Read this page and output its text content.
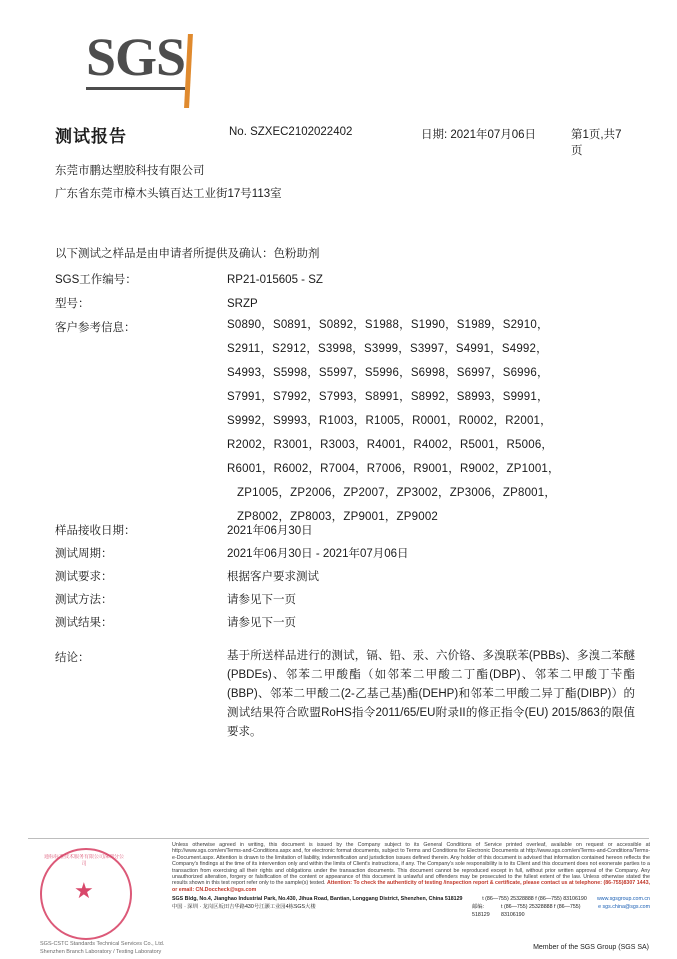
SGS
测试报告	No. SZXEC2102022402	日期: 2021年07月06日	第1页,共7页
东莞市鹏达塑胶科技有限公司
广东省东莞市樟木头镇百达工业街17号113室
以下测试之样品是由申请者所提供及确认：色粉助剂
SGS工作编号：	RP21-015605 - SZ
型号：	SRZP
客户参考信息：	S0890，S0891，S0892，S1988，S1990，S1989，S2910，
S2911，S2912，S3998，S3999，S3997，S4991，S4992，
S4993，S5998，S5997，S5996，S6998，S6997，S6996，
S7991，S7992，S7993，S8991，S8992，S8993，S9991，
S9992，S9993，R1003，R1005，R0001，R0002，R2001，
R2002，R3001，R3003，R4001，R4002，R5001，R5006，
R6001，R6002，R7004，R7006，R9001，R9002，ZP1001，
ZP1005，ZP2006，ZP2007，ZP3002，ZP3006，ZP8001，
ZP8002，ZP8003，ZP9001，ZP9002
样品接收日期：	2021年06月30日
测试周期：	2021年06月30日 - 2021年07月06日
测试要求：	根据客户要求测试
测试方法：	请参见下一页
测试结果：	请参见下一页
结论：	基于所送样品进行的测试，镉、铅、汞、六价铬、多溴联苯(PBBs)、多溴二苯醚(PBDEs)、邻苯二甲酸酯（如邻苯二甲酸二丁酯(DBP)、邻苯二甲酸丁苄酯(BBP)、邻苯二甲酸二(2-乙基己基)酯(DEHP)和邻苯二甲酸二异丁酯(DIBP)）的测试结果符合欧盟RoHS指令2011/65/EU附录II的修正指令(EU) 2015/863的限值要求。
通标标准技术服务有限公司深圳分公司
★
SGS-CSTC Standards Technical Services Co., Ltd.
Shenzhen Branch Laboratory / Testing Laboratory
Unless otherwise agreed in writing, this document is issued by the Company subject to its General Conditions of Service printed overleaf, available on request or accessible at http://www.sgs.com/en/Terms-and-Conditions.aspx and, for electronic format documents, subject to Terms and Conditions for Electronic Documents at http://www.sgs.com/en/Terms-and-Conditions/Terms-e-Document.aspx. Attention is drawn to the limitation of liability, indemnification and jurisdiction issues defined therein. Any holder of this document is advised that information contained hereon reflects the Company's findings at the time of its intervention only and within the limits of Client's instructions, if any. The Company's sole responsibility is to its Client and this document does not exonerate parties to a transaction from exercising all their rights and obligations under the transaction documents. This document cannot be reproduced except in full, without prior written approval of the Company. Any unauthorized alteration, forgery or falsification of the content or appearance of this document is unlawful and offenders may be prosecuted to the fullest extent of the law. Unless otherwise stated the results shown in this test report refer only to the sample(s) tested. Attention: To check the authenticity of testing /inspection report & certificate, please contact us at telephone: (86-755)8307 1443, or email: CN.Doccheck@sgs.com
SGS Bldg, No.4, Jianghao Industrial Park, No.430, Jihua Road, Bantian, Longgang District, Shenzhen, China 518129	t (86—755) 25328888 f (86—755) 83106190 www.sgsgroup.com.cn
中国 · 深圳 · 龙岗区坂田吉华路430号江灏工业园4栋SGS大楼	邮编: 518129
t (86—755) 25328888 f (86—755) 83106190
e sgs.china@sgs.com
Member of the SGS Group (SGS SA)
